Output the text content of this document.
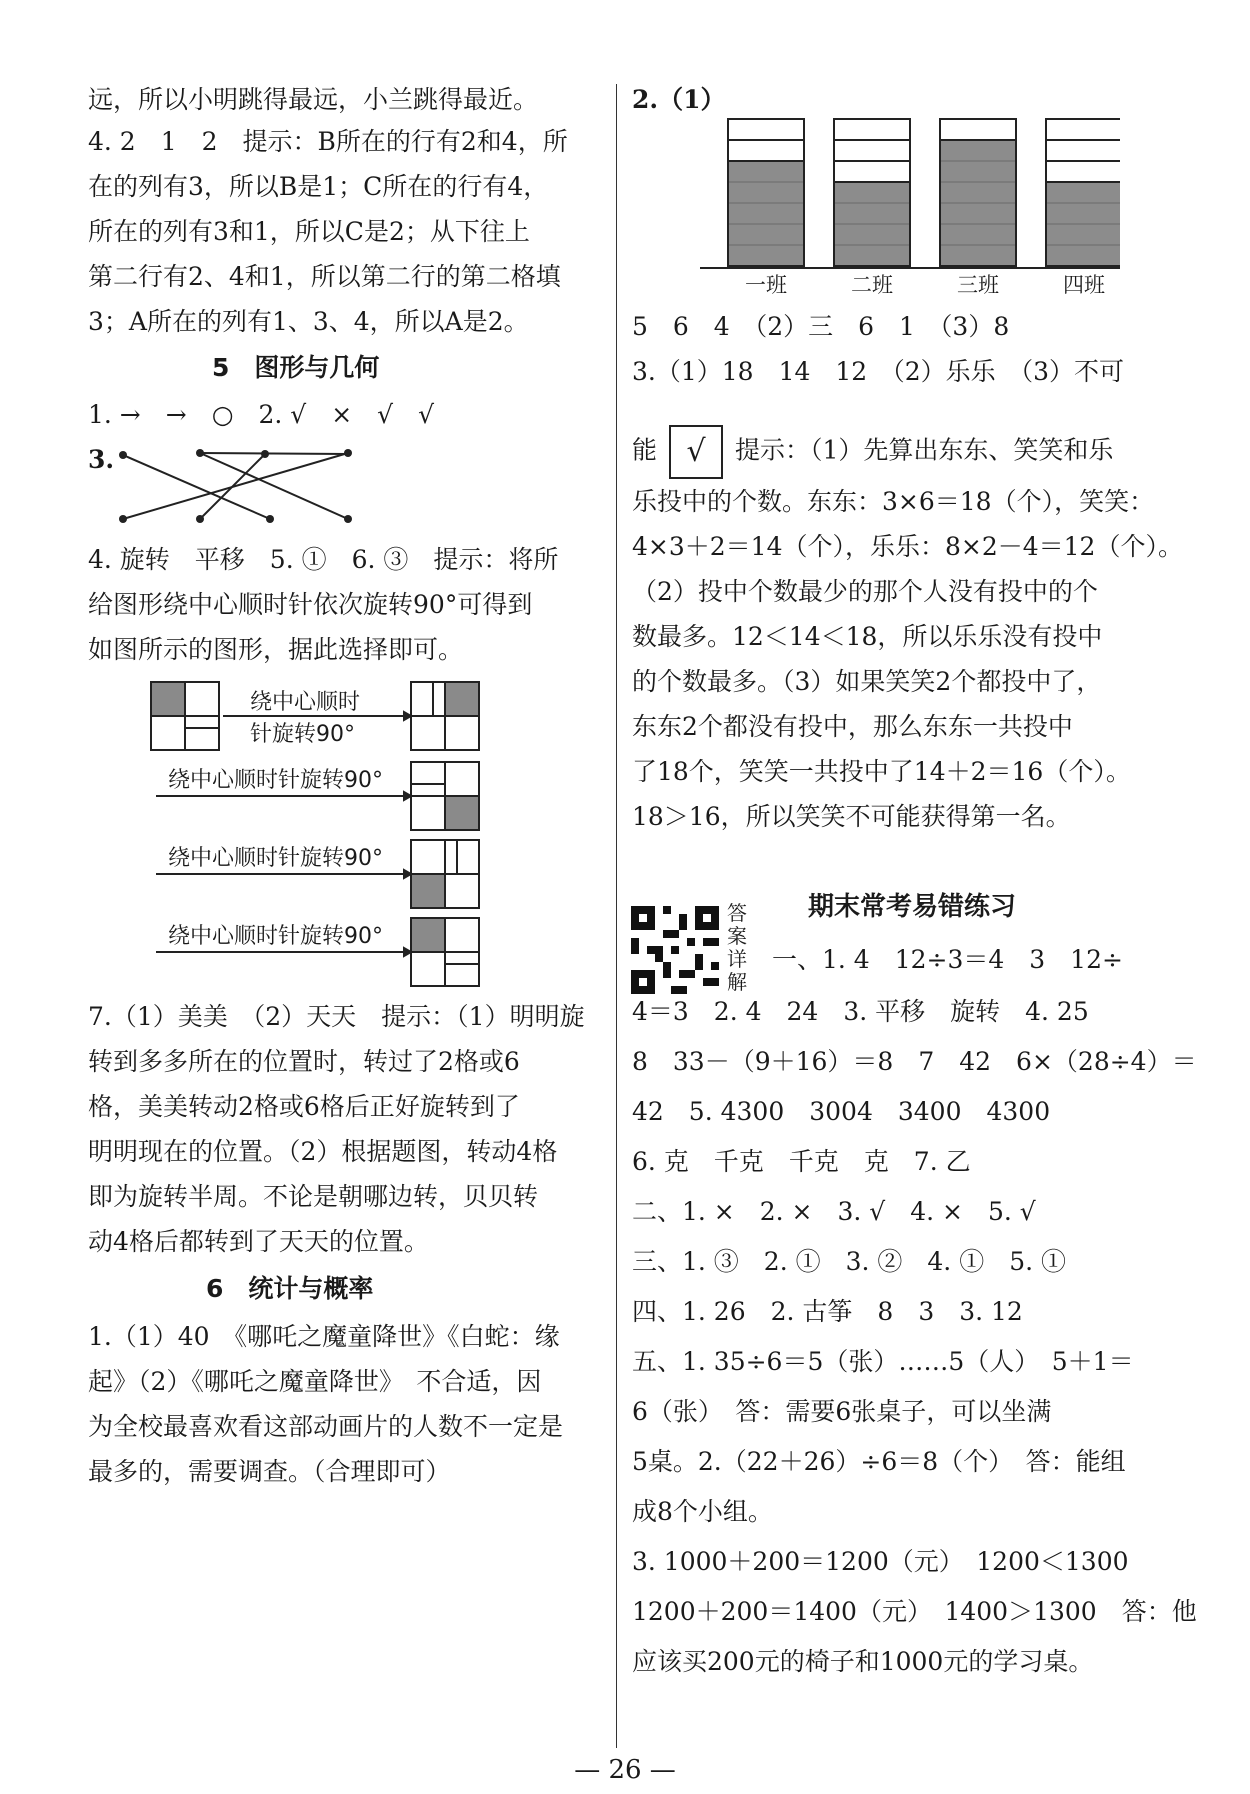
远，所以小明跳得最远，小兰跳得最近。
4. 2　1　2　提示：B所在的行有2和4，所
在的列有3，所以B是1；C所在的行有4，
所在的列有3和1，所以C是2；从下往上
第二行有2、4和1，所以第二行的第二格填
3；A所在的列有1、3、4，所以A是2。
5　图形与几何
1. →　→　○　2. √　×　√　√
3.
4. 旋转　平移　5. ①　6. ③　提示：将所
给图形绕中心顺时针依次旋转90°可得到
如图所示的图形，据此选择即可。
绕中心顺时
针旋转90°
绕中心顺时针旋转90°
绕中心顺时针旋转90°
绕中心顺时针旋转90°
7.（1）美美　（2）天天　提示：（1）明明旋
转到多多所在的位置时，转过了2格或6
格，美美转动2格或6格后正好旋转到了
明明现在的位置。（2）根据题图，转动4格
即为旋转半周。不论是朝哪边转，贝贝转
动4格后都转到了天天的位置。
6　统计与概率
1.（1）40　《哪吒之魔童降世》《白蛇：缘
起》（2）《哪吒之魔童降世》　不合适，因
为全校最喜欢看这部动画片的人数不一定是
最多的，需要调查。（合理即可）
2.（1）
一班	二班	三班	四班
5　6　4　（2）三　6　1　（3）8
3.（1）18　14　12　（2）乐乐　（3）不可
能 √ 提示：（1）先算出东东、笑笑和乐
乐投中的个数。东东：3×6＝18（个），笑笑：
4×3＋2＝14（个），乐乐：8×2－4＝12（个）。
（2）投中个数最少的那个人没有投中的个
数最多。12＜14＜18，所以乐乐没有投中
的个数最多。（3）如果笑笑2个都投中了，
东东2个都没有投中，那么东东一共投中
了18个，笑笑一共投中了14＋2＝16（个）。
18＞16，所以笑笑不可能获得第一名。
答案详解
期末常考易错练习
一、1. 4　12÷3＝4　3　12÷
4＝3　2. 4　24　3. 平移　旋转　4. 25
8　33－（9＋16）＝8　7　42　6×（28÷4）＝
42　5. 4300　3004　3400　4300
6. 克　千克　千克　克　7. 乙
二、1. ×　2. ×　3. √　4. ×　5. √
三、1. ③　2. ①　3. ②　4. ①　5. ①
四、1. 26　2. 古筝　8　3　3. 12
五、1. 35÷6＝5（张）……5（人）　5＋1＝
6（张）　答：需要6张桌子，可以坐满
5桌。2.（22＋26）÷6＝8（个）　答：能组
成8个小组。
3. 1000＋200＝1200（元）　1200＜1300
1200＋200＝1400（元）　1400＞1300　答：他
应该买200元的椅子和1000元的学习桌。
— 26 —
